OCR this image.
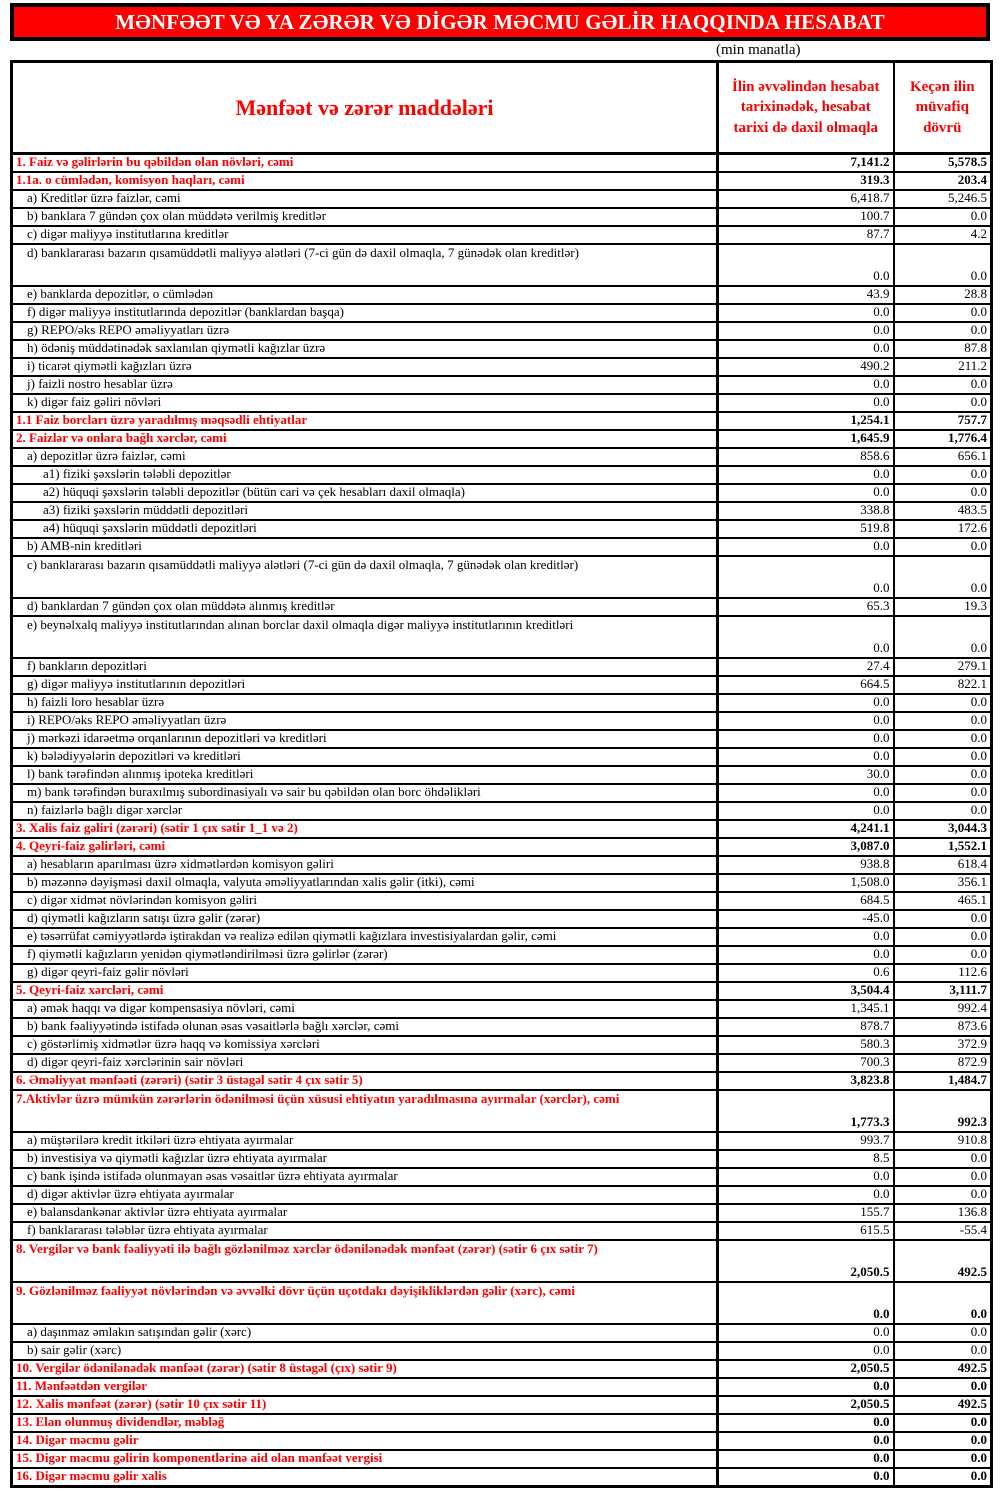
MƏNFƏƏT VƏ YA ZƏRƏR VƏ DİGƏR MƏCMU GƏLİR HAQQINDA HESABAT
(min manatla)
Mənfəət və zərər maddələri	İlin əvvəlindən hesabat tarixinədək, hesabat tarixi də daxil olmaqla	Keçən ilin müvafiq dövrü
1. Faiz və gəlirlərin bu qəbildən olan növləri, cəmi	7,141.2	5,578.5
1.1a. o cümlədən, komisyon haqları, cəmi	319.3	203.4
a) Kreditlər üzrə faizlər, cəmi	6,418.7	5,246.5
b) banklara 7 gündən çox olan müddətə verilmiş kreditlər	100.7	0.0
c) digər maliyyə institutlarına kreditlər	87.7	4.2
d) banklararası bazarın qısamüddətli maliyyə alətləri (7-ci gün də daxil olmaqla, 7 günədək olan kreditlər)	0.0	0.0
e) banklarda depozitlər, o cümlədən	43.9	28.8
f) digər maliyyə institutlarında depozitlər (banklardan başqa)	0.0	0.0
g) REPO/əks REPO əməliyyatları üzrə	0.0	0.0
h) ödəniş müddətinədək saxlanılan qiymətli kağızlar üzrə	0.0	87.8
i) ticarət qiymətli kağızları üzrə	490.2	211.2
j) faizli nostro hesablar üzrə	0.0	0.0
k) digər faiz gəliri növləri	0.0	0.0
1.1 Faiz borcları üzrə yaradılmış məqsədli ehtiyatlar	1,254.1	757.7
2. Faizlər və onlara bağlı xərclər, cəmi	1,645.9	1,776.4
a) depozitlər üzrə faizlər, cəmi	858.6	656.1
a1) fiziki şəxslərin tələbli depozitlər	0.0	0.0
a2) hüquqi şəxslərin tələbli depozitlər (bütün cari və çek hesabları daxil olmaqla)	0.0	0.0
a3) fiziki şəxslərin müddətli depozitləri	338.8	483.5
a4) hüquqi şəxslərin müddətli depozitləri	519.8	172.6
b) AMB-nin kreditləri	0.0	0.0
c) banklararası bazarın qısamüddətli maliyyə alətləri (7-ci gün də daxil olmaqla, 7 günədək olan kreditlər)	0.0	0.0
d) banklardan 7 gündən çox olan müddətə alınmış kreditlər	65.3	19.3
e) beynəlxalq maliyyə institutlarından alınan borclar daxil olmaqla digər maliyyə institutlarının kreditləri	0.0	0.0
f) bankların depozitləri	27.4	279.1
g) digər maliyyə institutlarının depozitləri	664.5	822.1
h) faizli loro hesablar üzrə	0.0	0.0
i) REPO/əks REPO əməliyyatları üzrə	0.0	0.0
j) mərkəzi idarəetmə orqanlarının depozitləri və kreditləri	0.0	0.0
k) bələdiyyələrin depozitləri və kreditləri	0.0	0.0
l) bank tərəfindən alınmış ipoteka kreditləri	30.0	0.0
m) bank tərəfindən buraxılmış subordinasiyalı və sair bu qəbildən olan borc öhdəlikləri	0.0	0.0
n) faizlərlə bağlı digər xərclər	0.0	0.0
3. Xalis faiz gəliri (zərəri) (sətir 1 çıx sətir 1_1 və 2)	4,241.1	3,044.3
4. Qeyri-faiz gəlirləri, cəmi	3,087.0	1,552.1
a) hesabların aparılması üzrə xidmətlərdən komisyon gəliri	938.8	618.4
b) məzənnə dəyişməsi daxil olmaqla, valyuta əməliyyatlarından xalis gəlir (itki), cəmi	1,508.0	356.1
c) digər xidmət növlərindən komisyon gəliri	684.5	465.1
d) qiymətli kağızların satışı üzrə gəlir (zərər)	-45.0	0.0
e) təsərrüfat cəmiyyətlərdə iştirakdan və realizə edilən qiymətli kağızlara investisiyalardan gəlir, cəmi	0.0	0.0
f) qiymətli kağızların yenidən qiymətləndirilməsi üzrə gəlirlər (zərər)	0.0	0.0
g) digər qeyri-faiz gəlir növləri	0.6	112.6
5. Qeyri-faiz xərcləri, cəmi	3,504.4	3,111.7
a) əmək haqqı və digər kompensasiya növləri, cəmi	1,345.1	992.4
b) bank fəaliyyətində istifadə olunan əsas vəsaitlərlə bağlı xərclər, cəmi	878.7	873.6
c) göstərlimiş xidmətlər üzrə haqq və komissiya xərcləri	580.3	372.9
d) digər qeyri-faiz xərclərinin sair növləri	700.3	872.9
6. Əməliyyat mənfəəti (zərəri) (sətir 3 üstəgəl sətir 4 çıx sətir 5)	3,823.8	1,484.7
7.Aktivlər üzrə mümkün zərərlərin ödənilməsi üçün xüsusi ehtiyatın yaradılmasına ayırmalar (xərclər), cəmi	1,773.3	992.3
a) müştərilərə kredit itkiləri üzrə ehtiyata ayırmalar	993.7	910.8
b) investisiya və qiymətli kağızlar üzrə ehtiyata ayırmalar	8.5	0.0
c) bank işində istifadə olunmayan əsas vəsaitlər üzrə ehtiyata ayırmalar	0.0	0.0
d) digər aktivlər üzrə ehtiyata ayırmalar	0.0	0.0
e) balansdankənar aktivlər üzrə ehtiyata ayırmalar	155.7	136.8
f) banklararası tələblər üzrə ehtiyata ayırmalar	615.5	-55.4
8. Vergilər və bank fəaliyyəti ilə bağlı gözlənilməz xərclər ödənilənədək mənfəət (zərər) (sətir 6 çıx sətir 7)	2,050.5	492.5
9. Gözlənilməz fəaliyyət növlərindən və əvvəlki dövr üçün uçotdakı dəyişikliklərdən gəlir (xərc), cəmi	0.0	0.0
a) daşınmaz əmlakın satışından gəlir (xərc)	0.0	0.0
b) sair gəlir (xərc)	0.0	0.0
10. Vergilər ödənilənədək mənfəət (zərər) (sətir 8 üstəgəl (çıx) sətir 9)	2,050.5	492.5
11. Mənfəətdən vergilər	0.0	0.0
12. Xalis mənfəət (zərər) (sətir 10 çıx sətir 11)	2,050.5	492.5
13. Elan olunmuş dividendlər, məbləğ	0.0	0.0
14. Digər məcmu gəlir	0.0	0.0
15. Digər məcmu gəlirin komponentlərinə aid olan mənfəət vergisi	0.0	0.0
16. Digər məcmu gəlir xalis	0.0	0.0
